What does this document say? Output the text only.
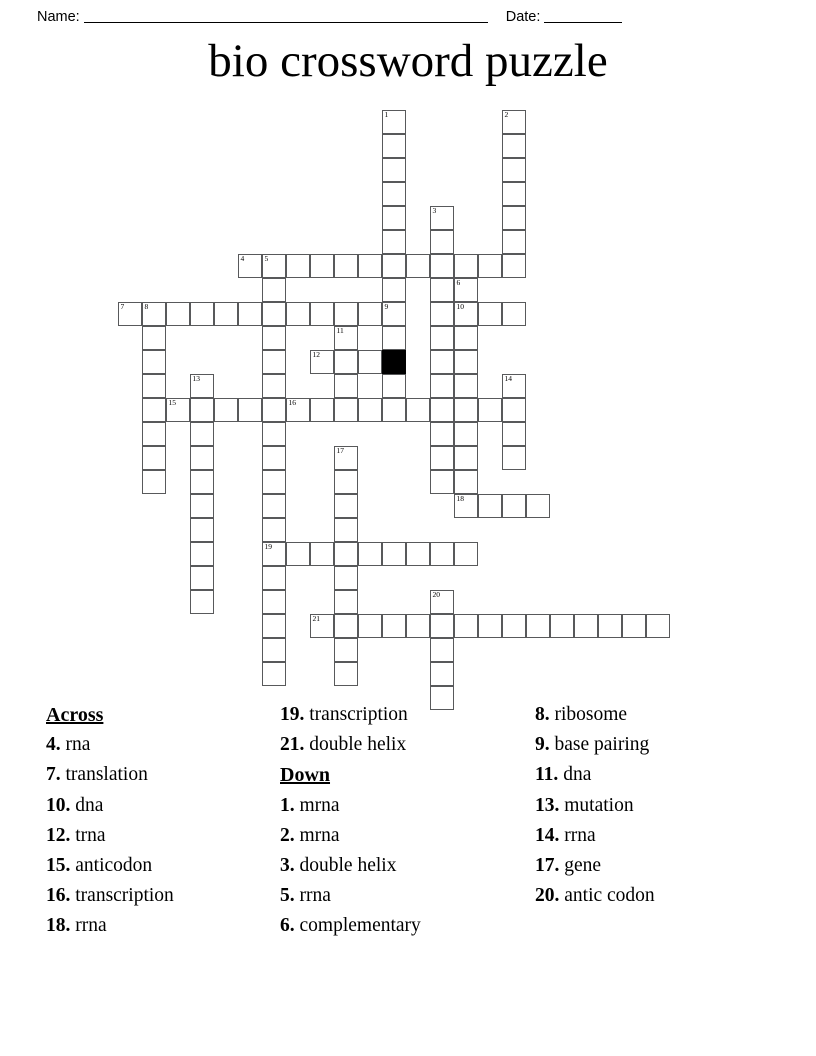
Name:	Date:
bio crossword puzzle
1	2
3
4	5
6
7	8	9	10
11
12
13	14
15	16
17
18
19
20
21
Across
4. rna
7. translation
10. dna
12. trna
15. anticodon
16. transcription
18. rrna
19. transcription
21. double helix
Down
1. mrna
2. mrna
3. double helix
5. rrna
6. complementary
8. ribosome
9. base pairing
11. dna
13. mutation
14. rrna
17. gene
20. antic codon
